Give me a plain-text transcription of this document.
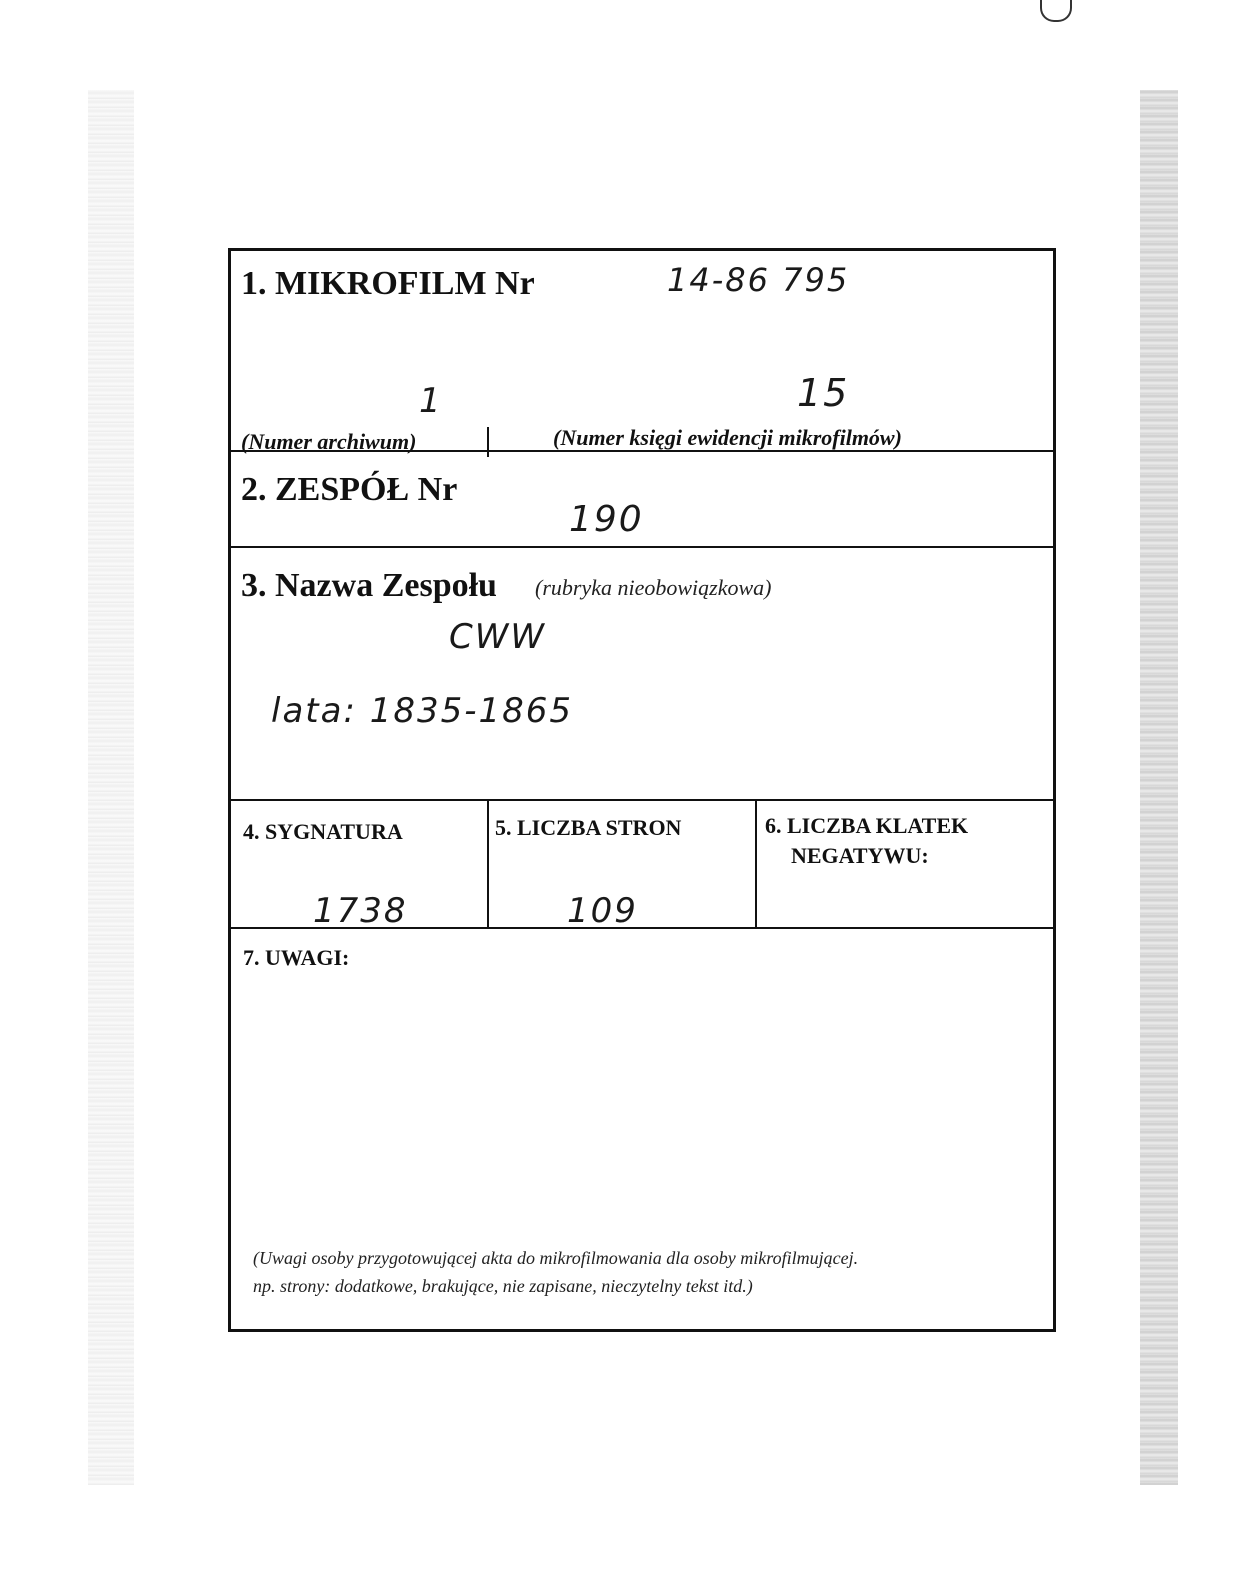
1. MIKROFILM Nr	14-86 795
1	15
(Numer archiwum)	(Numer księgi ewidencji mikrofilmów)
2. ZESPÓŁ Nr
190
3. Nazwa Zespołu (rubryka nieobowiązkowa)
CWW
lata: 1835-1865
4. SYGNATURA
1738
5. LICZBA STRON
109
6. LICZBA KLATEK
NEGATYWU:
7. UWAGI:
(Uwagi osoby przygotowującej akta do mikrofilmowania dla osoby mikrofilmującej.
np. strony: dodatkowe, brakujące, nie zapisane, nieczytelny tekst itd.)
